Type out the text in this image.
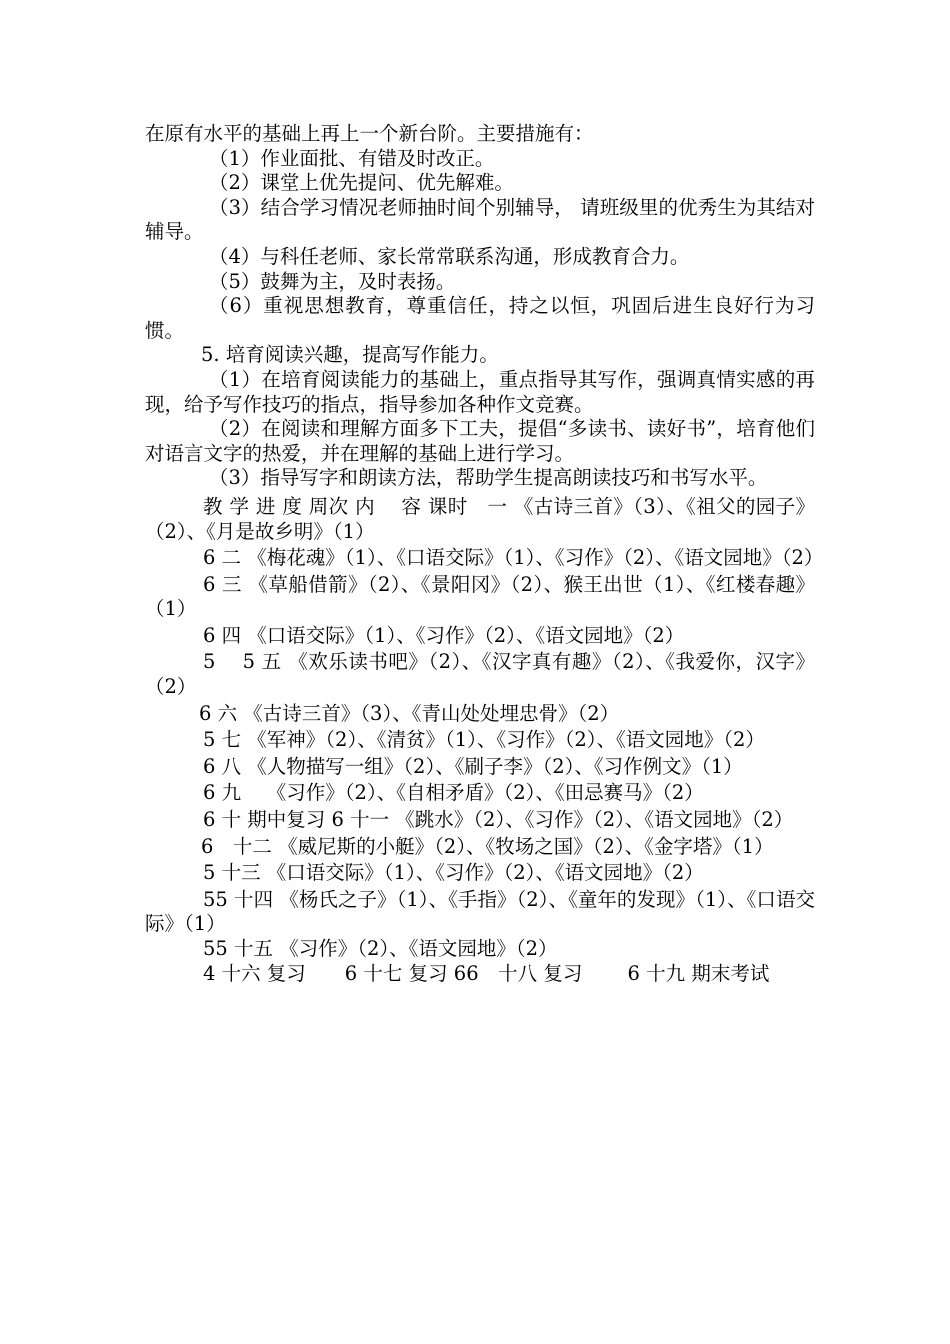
在原有水平的基础上再上一个新台阶。主要措施有：

（1）作业面批、有错及时改正。

（2）课堂上优先提问、优先解难。

（3）结合学习情况老师抽时间个别辅导， 请班级里的优秀生为其结对辅导。

（4）与科任老师、家长常常联系沟通，形成教育合力。

（5）鼓舞为主，及时表扬。

（6）重视思想教育，尊重信任，持之以恒，巩固后进生良好行为习惯。

5. 培育阅读兴趣，提高写作能力。

（1）在培育阅读能力的基础上，重点指导其写作，强调真情实感的再现，给予写作技巧的指点，指导参加各种作文竞赛。

（2）在阅读和理解方面多下工夫，提倡“多读书、读好书”，培育他们对语言文字的热爱，并在理解的基础上进行学习。

（3）指导写字和朗读方法，帮助学生提高朗读技巧和书写水平。

教 学 进 度 周次 内　 容 课时　一 《古诗三首》（3）、《祖父的园子》（2）、《月是故乡明》（1）

6 二 《梅花魂》（1）、《口语交际》（1）、《习作》（2）、《语文园地》（2）

6 三 《草船借箭》（2）、《景阳冈》（2）、猴王出世（1）、《红楼春趣》（1）

6 四 《口语交际》（1）、《习作》（2）、《语文园地》（2）

5　 5 五 《欢乐读书吧》（2）、《汉字真有趣》（2）、《我爱你，汉字》（2）

6 六 《古诗三首》（3）、《青山处处埋忠骨》（2）

5 七 《军神》（2）、《清贫》（1）、《习作》（2）、《语文园地》（2）

6 八 《人物描写一组》（2）、《刷子李》（2）、《习作例文》（1）

6 九　 《习作》（2）、《自相矛盾》（2）、《田忌赛马》（2）

6 十 期中复习 6 十一 《跳水》（2）、《习作》（2）、《语文园地》（2）

6　十二 《威尼斯的小艇》（2）、《牧场之国》（2）、《金字塔》（1）

5 十三 《口语交际》（1）、《习作》（2）、《语文园地》（2）

55 十四 《杨氏之子》（1）、《手指》（2）、《童年的发现》（1）、《口语交际》（1）

55 十五 《习作》（2）、《语文园地》（2）

4 十六 复习　　6 十七 复习 66　十八 复习　　 6 十九 期末考试
